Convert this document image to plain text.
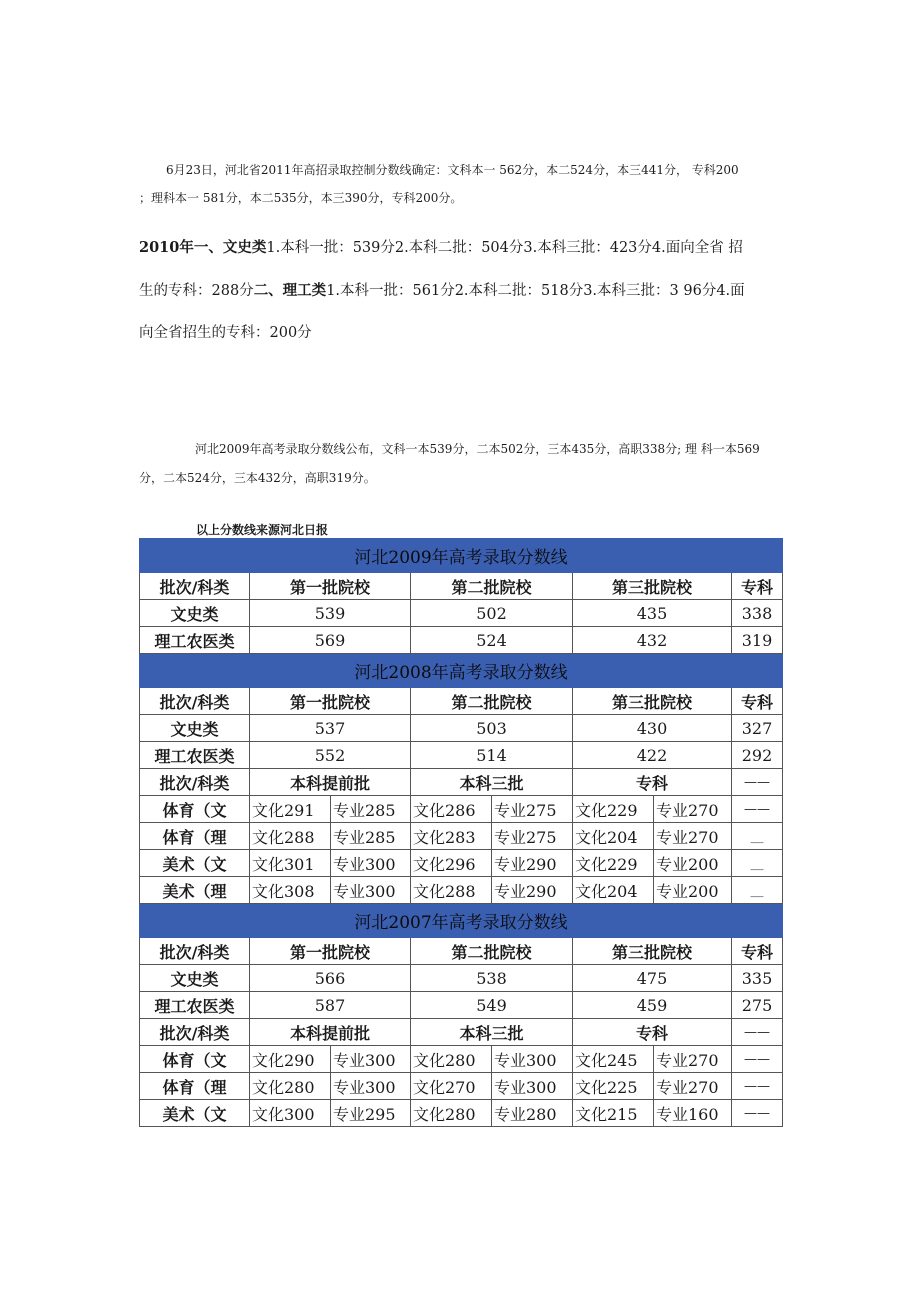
6月23日，河北省2011年高招录取控制分数线确定：文科本一 562分，本二524分，本三441分， 专科200

；理科本一 581分，本二535分，本三390分，专科200分。

2010年一、文史类1.本科一批：539分2.本科二批：504分3.本科三批：423分4.面向全省 招

生的专科：288分二、理工类1.本科一批：561分2.本科二批：518分3.本科三批：3 96分4.面

向全省招生的专科：200分

河北2009年高考录取分数线公布，文科一本539分，二本502分，三本435分，高职338分; 理 科一本569

分，二本524分，三本432分，高职319分。

以上分数线来源河北日报

河北2009年高考录取分数线							
批次/科类	第一批院校		第二批院校		第三批院校		专科
文史类	539		502		435		338
理工农医类	569		524		432		319
河北2008年高考录取分数线							
批次/科类	第一批院校		第二批院校		第三批院校		专科
文史类	537		503		430		327
理工农医类	552		514		422		292
批次/科类	本科提前批		本科三批		专科		——
体育（文	文化291	专业285	文化286	专业275	文化229	专业270	——
体育（理	文化288	专业285	文化283	专业275	文化204	专业270	__
美术（文	文化301	专业300	文化296	专业290	文化229	专业200	__
美术（理	文化308	专业300	文化288	专业290	文化204	专业200	__
河北2007年高考录取分数线							
批次/科类	第一批院校		第二批院校		第三批院校		专科
文史类	566		538		475		335
理工农医类	587		549		459		275
批次/科类	本科提前批		本科三批		专科		——
体育（文	文化290	专业300	文化280	专业300	文化245	专业270	——
体育（理	文化280	专业300	文化270	专业300	文化225	专业270	——
美术（文	文化300	专业295	文化280	专业280	文化215	专业160	——
